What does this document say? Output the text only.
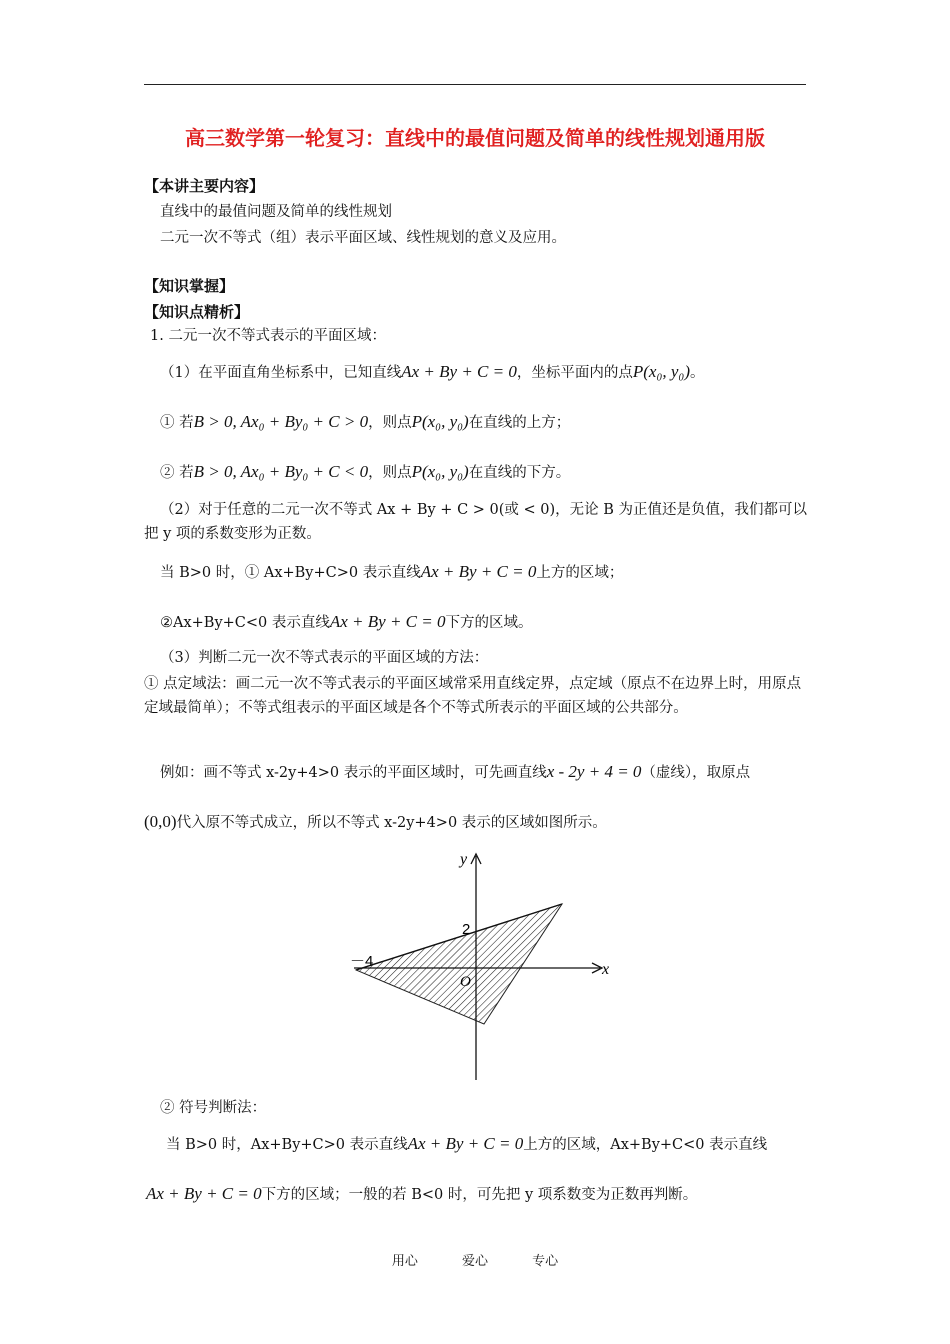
高三数学第一轮复习：直线中的最值问题及简单的线性规划通用版
【本讲主要内容】
直线中的最值问题及简单的线性规划
二元一次不等式（组）表示平面区域、线性规划的意义及应用。
【知识掌握】
【知识点精析】
1. 二元一次不等式表示的平面区域：
（1）在平面直角坐标系中，已知直线Ax + By + C = 0，坐标平面内的点P(x₀, y₀)。
① 若B > 0, Ax₀ + By₀ + C > 0，则点P(x₀, y₀)在直线的上方；
② 若B > 0, Ax₀ + By₀ + C < 0，则点P(x₀, y₀)在直线的下方。
（2）对于任意的二元一次不等式 Ax + By + C > 0(或 < 0)，无论 B 为正值还是负值，我们都可以把 y 项的系数变形为正数。
当 B>0 时，① Ax+By+C>0 表示直线Ax + By + C = 0上方的区域；
②Ax+By+C<0 表示直线Ax + By + C = 0下方的区域。
（3）判断二元一次不等式表示的平面区域的方法：
① 点定域法：画二元一次不等式表示的平面区域常采用直线定界，点定域（原点不在边界上时，用原点定域最简单）；不等式组表示的平面区域是各个不等式所表示的平面区域的公共部分。
例如：画不等式 x-2y+4>0 表示的平面区域时，可先画直线x - 2y + 4 = 0（虚线），取原点
(0,0)代入原不等式成立，所以不等式 x-2y+4>0 表示的区域如图所示。
y
x
2
－4
O
② 符号判断法：
当 B>0 时，Ax+By+C>0 表示直线Ax + By + C = 0上方的区域，Ax+By+C<0 表示直线
Ax + By + C = 0下方的区域；一般的若 B<0 时，可先把 y 项系数变为正数再判断。
用心	爱心	专心
